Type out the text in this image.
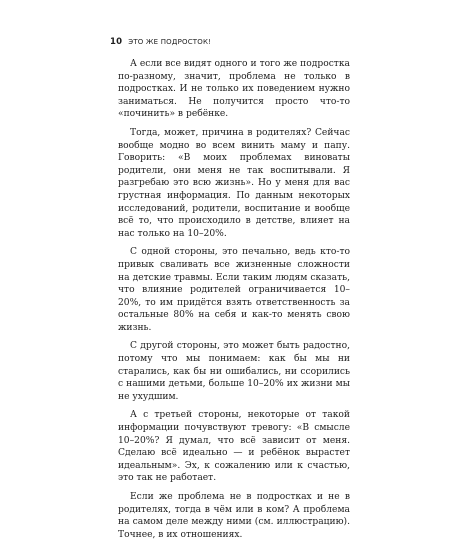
10 ЭТО ЖЕ ПОДРОСТОК!

А если все видят одного и того же подростка по-разному, значит, проблема не только в подростках. И не только их поведением нужно заниматься. Не получится просто что-то «починить» в ребёнке.

Тогда, может, причина в родителях? Сейчас вообще модно во всем винить маму и папу. Говорить: «В моих проблемах виноваты родители, они меня не так воспитывали. Я разгребаю это всю жизнь». Но у меня для вас грустная информация. По данным некоторых исследований, родители, воспитание и вообще всё то, что происходило в детстве, влияет на нас только на 10–20%.

С одной стороны, это печально, ведь кто-то привык сваливать все жизненные сложности на детские травмы. Если таким людям сказать, что влияние родителей ограничивается 10–20%, то им придётся взять ответственность за остальные 80% на себя и как-то менять свою жизнь.

С другой стороны, это может быть радостно, потому что мы понимаем: как бы мы ни старались, как бы ни ошибались, ни ссорились с нашими детьми, больше 10–20% их жизни мы не ухудшим.

А с третьей стороны, некоторые от такой информации почувствуют тревогу: «В смысле 10–20%? Я думал, что всё зависит от меня. Сделаю всё идеально — и ребёнок вырастет идеальным». Эх, к сожалению или к счастью, это так не работает.

Если же проблема не в подростках и не в родителях, тогда в чём или в ком? А проблема на самом деле между ними (см. иллюстрацию). Точнее, в их отношениях.
